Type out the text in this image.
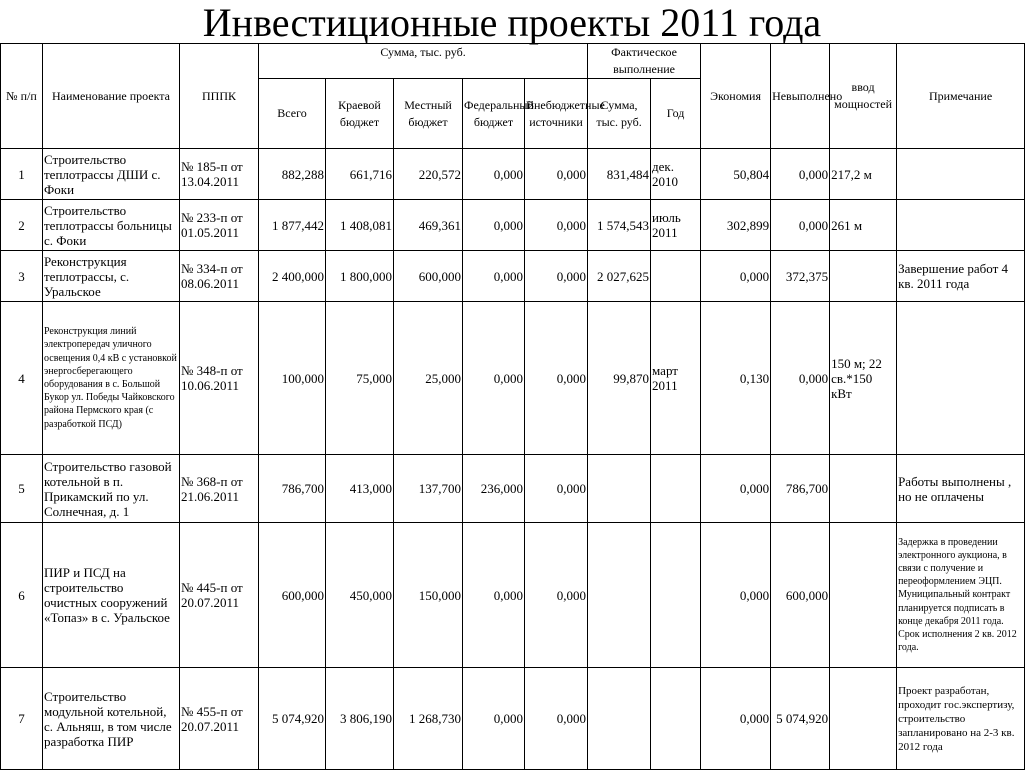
Инвестиционные проекты 2011 года
№ п/п	Наименование проекта	ПППК	Сумма, тыс. руб.					Фактическое выполнение		Экономия	Невыполнено	ввод мощностей	Примечание
			Всего	Краевой бюджет	Местный бюджет	Федеральный бюджет	Внебюджетные источники	Сумма, тыс. руб.	Год				
1	Строительство теплотрассы ДШИ с. Фоки	№ 185-п от 13.04.2011	882,288	661,716	220,572	0,000	0,000	831,484	дек. 2010	50,804	0,000	217,2 м	
2	Строительство теплотрассы больницы с. Фоки	№ 233-п от 01.05.2011	1 877,442	1 408,081	469,361	0,000	0,000	1 574,543	июль 2011	302,899	0,000	261 м	
3	Реконструкция теплотрассы, с. Уральское	№ 334-п от 08.06.2011	2 400,000	1 800,000	600,000	0,000	0,000	2 027,625		0,000	372,375		Завершение работ 4 кв. 2011 года
4	Реконструкция линий электропередач уличного освещения 0,4 кВ с установкой энергосберегающего оборудования в с. Большой Букор ул. Победы Чайковского района Пермского края (с разработкой ПСД)	№ 348-п от 10.06.2011	100,000	75,000	25,000	0,000	0,000	99,870	март 2011	0,130	0,000	150 м; 22 св.*150 кВт	
5	Строительство газовой котельной в п. Прикамский по ул. Солнечная, д. 1	№ 368-п от 21.06.2011	786,700	413,000	137,700	236,000	0,000			0,000	786,700		Работы выполнены , но не оплачены
6	ПИР и ПСД на строительство очистных сооружений «Топаз» в с. Уральское	№ 445-п от 20.07.2011	600,000	450,000	150,000	0,000	0,000			0,000	600,000		Задержка в проведении электронного аукциона, в связи с получение и переоформлением ЭЦП. Муниципальный контракт планируется подписать в конце декабря 2011 года. Срок исполнения 2 кв. 2012 года.
7	Строительство модульной котельной, с. Альняш, в том числе разработка ПИР	№ 455-п от 20.07.2011	5 074,920	3 806,190	1 268,730	0,000	0,000			0,000	5 074,920		Проект разработан, проходит гос.экспертизу, строительство запланировано на 2-3 кв. 2012 года
